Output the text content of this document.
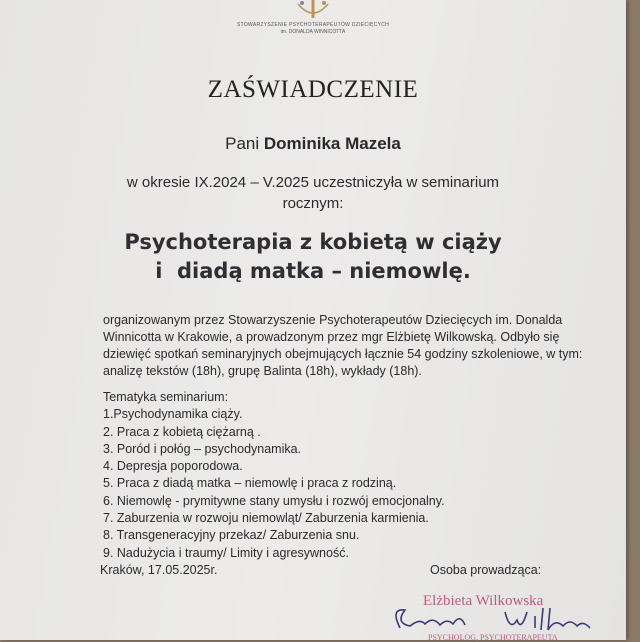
STOWARZYSZENIE PSYCHOTERAPEUTÓW DZIECIĘCYCH
im. DONALDA WINNICOTTA
ZAŚWIADCZENIE
Pani Dominika Mazela
w okresie IX.2024 – V.2025 uczestniczyła w seminarium
rocznym:
Psychoterapia z kobietą w ciąży
i  diadą matka – niemowlę.
organizowanym przez Stowarzyszenie Psychoterapeutów Dziecięcych im. Donalda Winnicotta w Krakowie, a prowadzonym przez mgr Elżbietę Wilkowską. Odbyło się dziewięć spotkań seminaryjnych obejmujących łącznie 54 godziny szkoleniowe, w tym: analizę tekstów (18h), grupę Balinta (18h), wykłady (18h).
Tematyka seminarium:
1.Psychodynamika ciąży.
2. Praca z kobietą ciężarną .
3. Poród i połóg – psychodynamika.
4. Depresja poporodowa.
5. Praca z diadą matka – niemowlę i praca z rodziną.
6. Niemowlę - prymitywne stany umysłu i rozwój emocjonalny.
7. Zaburzenia w rozwoju niemowląt/ Zaburzenia karmienia.
8. Transgeneracyjny przekaz/ Zaburzenia snu.
9. Nadużycia i traumy/ Limity i agresywność.
Kraków, 17.05.2025r.	Osoba prowadząca:
Elżbieta Wilkowska
PSYCHOLOG, PSYCHOTERAPEUTA
